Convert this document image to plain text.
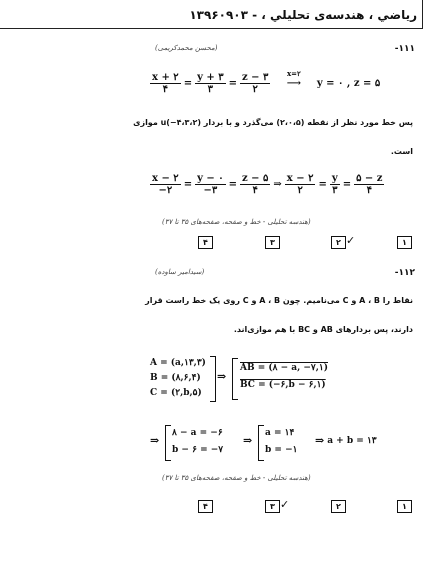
رياضي ، هندسه‌ی تحليلي ، - ۱۳۹۶۰۹۰۳
-۱۱۱
(محسن محمدکریمی)
$\frac{x + ۲}{۴} = \frac{y + ۳}{۳} = \frac{z - ۳}{۲}$
	x=۲
⟶ y = ۰ , z = ۵
پس خط مورد نظر از نقطه (۲،۰،۵) می‌گذرد و با بردار (۴،۳،۲−)u موازی
است.
$\frac{x - ۲}{-۲} = \frac{y - ۰}{-۳} = \frac{z - ۵}{۴}$ ⇒ $\frac{x - ۲}{۲} = \frac{y}{۳} = \frac{۵ - z}{۴}$
(هندسه تحلیلی - خط و صفحه، صفحه‌های ۳۵ تا ۳۷)
۴	۳	۲ ✓	۱
-۱۱۲
(سیدامیر ساوده)
نقاط را A ، B و C می‌نامیم. چون A ، B و C روی یک خط راست قرار
دارند، پس بردارهای AB و BC با هم موازی‌اند.
A = (a,۱۳,۳)
B = (۸,۶,۴)
C = (۲,b,۵)
⇒
AB = (۸ − a, −۷,۱)
BC = (−۶,b − ۶,۱)
⇒
۸ − a = −۶
b − ۶ = −۷
⇒
a = ۱۴
b = −۱
⇒ a + b = ۱۳
(هندسه تحلیلی - خط و صفحه، صفحه‌های ۳۵ تا ۳۷)
۴	۳ ✓	۲	۱
